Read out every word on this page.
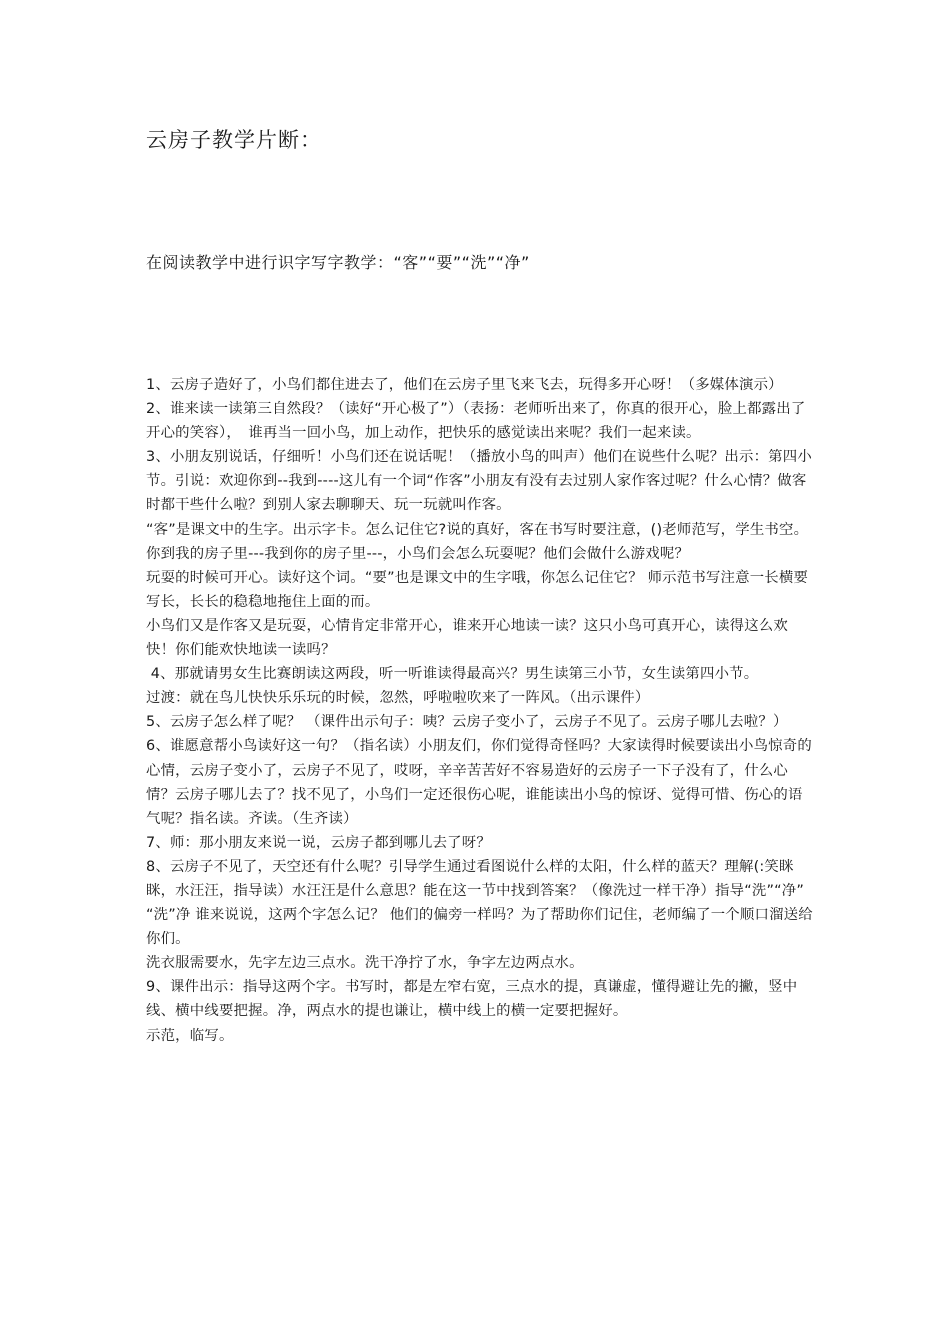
云房子教学片断：
在阅读教学中进行识字写字教学：“客”“要”“洗”“净”

1、云房子造好了，小鸟们都住进去了，他们在云房子里飞来飞去，玩得多开心呀！（多媒体演示）

2、谁来读一读第三自然段？（读好“开心极了”）（表扬：老师听出来了，你真的很开心，脸上都露出了开心的笑容），　谁再当一回小鸟，加上动作，把快乐的感觉读出来呢？我们一起来读。

3、小朋友别说话，仔细听！小鸟们还在说话呢！（播放小鸟的叫声）他们在说些什么呢？出示：第四小节。引说：欢迎你到--我到----这儿有一个词“作客”小朋友有没有去过别人家作客过呢？什么心情？做客时都干些什么啦？到别人家去聊聊天、玩一玩就叫作客。

“客”是课文中的生字。出示字卡。怎么记住它?说的真好，客在书写时要注意，()老师范写，学生书空。

你到我的房子里---我到你的房子里---，小鸟们会怎么玩耍呢？他们会做什么游戏呢？

玩耍的时候可开心。读好这个词。“要”也是课文中的生字哦，你怎么记住它？ 师示范书写注意一长横要写长，长长的稳稳地拖住上面的而。

小鸟们又是作客又是玩耍，心情肯定非常开心，谁来开心地读一读？这只小鸟可真开心，读得这么欢快！你们能欢快地读一读吗？

4、那就请男女生比赛朗读这两段，听一听谁读得最高兴？男生读第三小节，女生读第四小节。

过渡：就在鸟儿快快乐乐玩的时候，忽然，呼啦啦吹来了一阵风。（出示课件）

5、云房子怎么样了呢？ （课件出示句子：咦？云房子变小了，云房子不见了。云房子哪儿去啦？）

6、谁愿意帮小鸟读好这一句？（指名读）小朋友们，你们觉得奇怪吗？大家读得时候要读出小鸟惊奇的心情，云房子变小了，云房子不见了，哎呀，辛辛苦苦好不容易造好的云房子一下子没有了，什么心情？云房子哪儿去了？找不见了，小鸟们一定还很伤心呢，谁能读出小鸟的惊讶、觉得可惜、伤心的语气呢？指名读。齐读。（生齐读）

7、师：那小朋友来说一说，云房子都到哪儿去了呀？

8、云房子不见了，天空还有什么呢？引导学生通过看图说什么样的太阳，什么样的蓝天？理解(:笑眯眯，水汪汪，指导读）水汪汪是什么意思？能在这一节中找到答案？（像洗过一样干净）指导“洗”“净”

“洗”净 谁来说说，这两个字怎么记？ 他们的偏旁一样吗？为了帮助你们记住，老师编了一个顺口溜送给你们。

洗衣服需要水，先字左边三点水。洗干净拧了水，争字左边两点水。

9、课件出示：指导这两个字。书写时，都是左窄右宽，三点水的提，真谦虚，懂得避让先的撇，竖中线、横中线要把握。净，两点水的提也谦让，横中线上的横一定要把握好。

示范，临写。
